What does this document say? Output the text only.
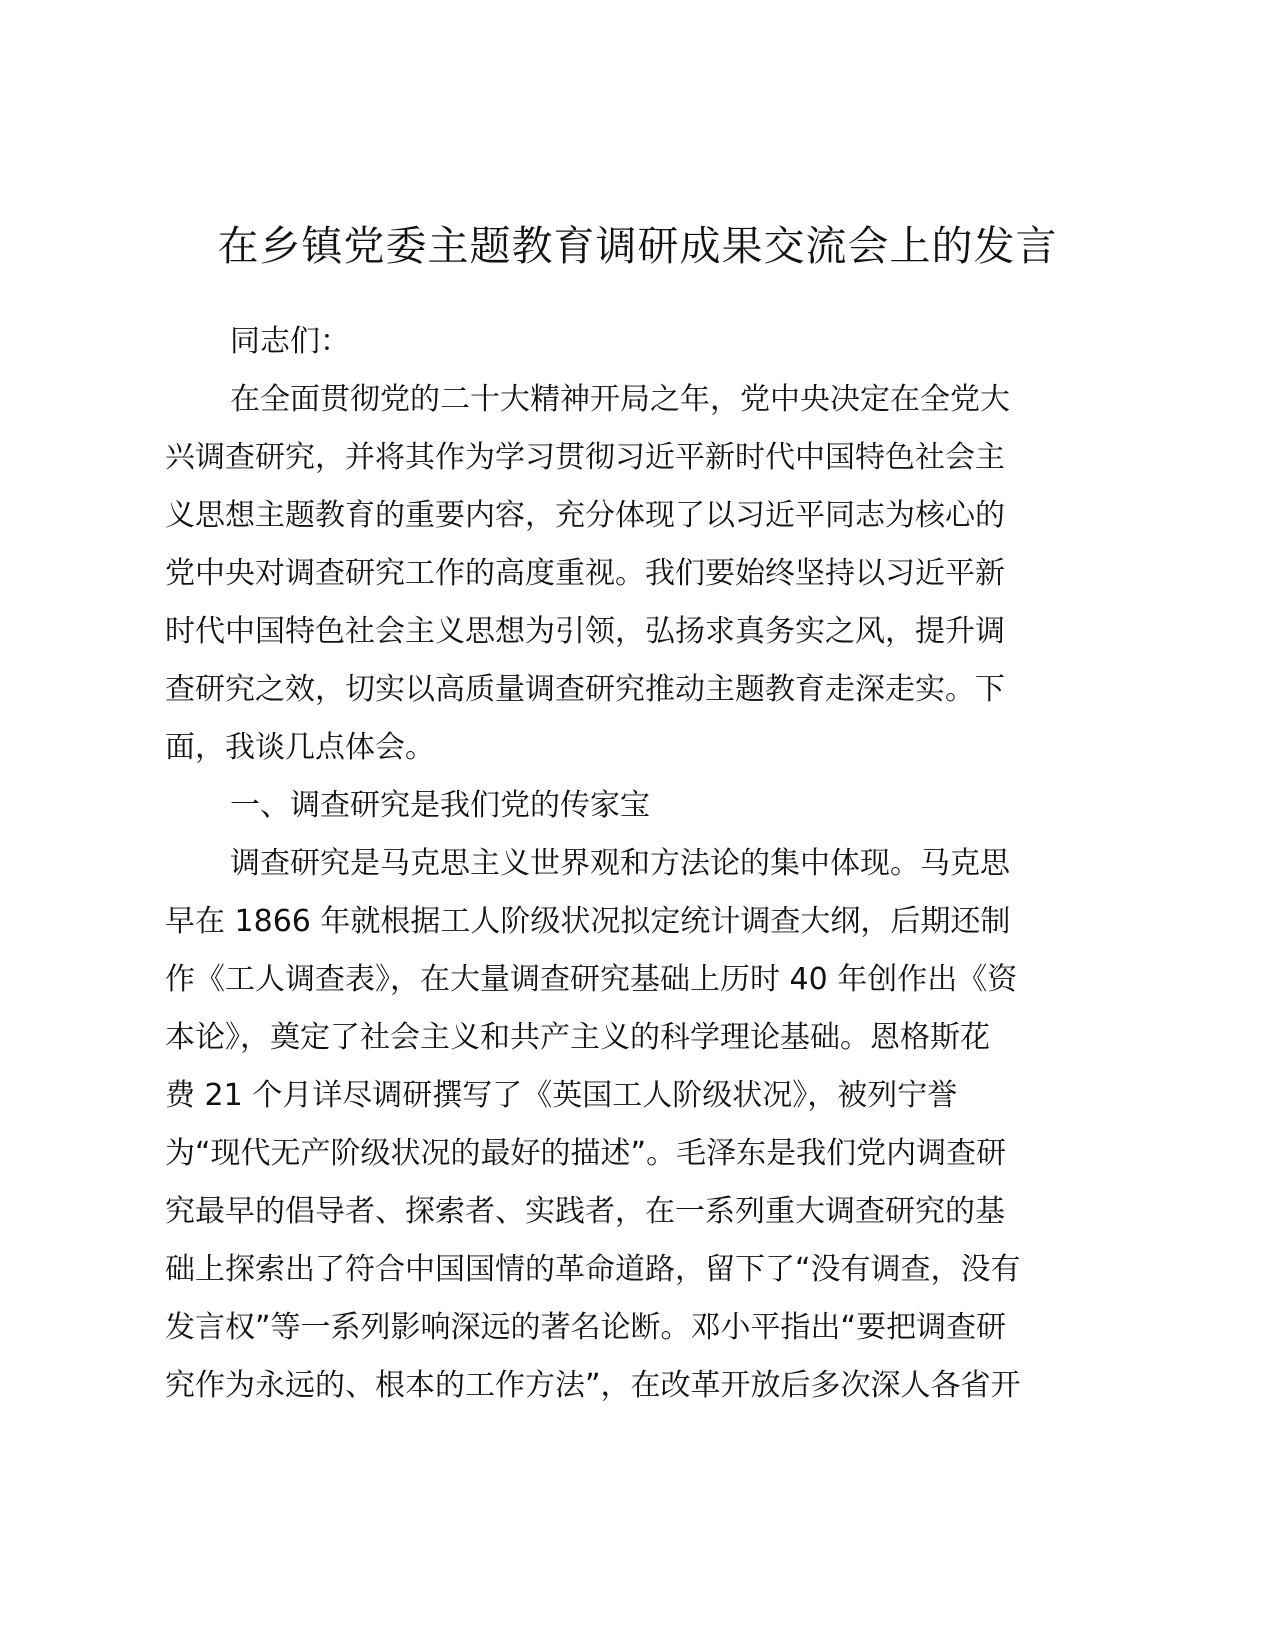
在乡镇党委主题教育调研成果交流会上的发言
同志们：
在全面贯彻党的二十大精神开局之年，党中央决定在全党大
兴调查研究，并将其作为学习贯彻习近平新时代中国特色社会主
义思想主题教育的重要内容，充分体现了以习近平同志为核心的
党中央对调查研究工作的高度重视。我们要始终坚持以习近平新
时代中国特色社会主义思想为引领，弘扬求真务实之风，提升调
查研究之效，切实以高质量调查研究推动主题教育走深走实。下
面，我谈几点体会。
一、调查研究是我们党的传家宝
调查研究是马克思主义世界观和方法论的集中体现。马克思
早在 1866 年就根据工人阶级状况拟定统计调查大纲，后期还制
作《工人调查表》，在大量调查研究基础上历时 40 年创作出《资
本论》，奠定了社会主义和共产主义的科学理论基础。恩格斯花
费 21 个月详尽调研撰写了《英国工人阶级状况》，被列宁誉
为“现代无产阶级状况的最好的描述”。毛泽东是我们党内调查研
究最早的倡导者、探索者、实践者，在一系列重大调查研究的基
础上探索出了符合中国国情的革命道路，留下了“没有调查，没有
发言权”等一系列影响深远的著名论断。邓小平指出“要把调查研
究作为永远的、根本的工作方法”，在改革开放后多次深人各省开
